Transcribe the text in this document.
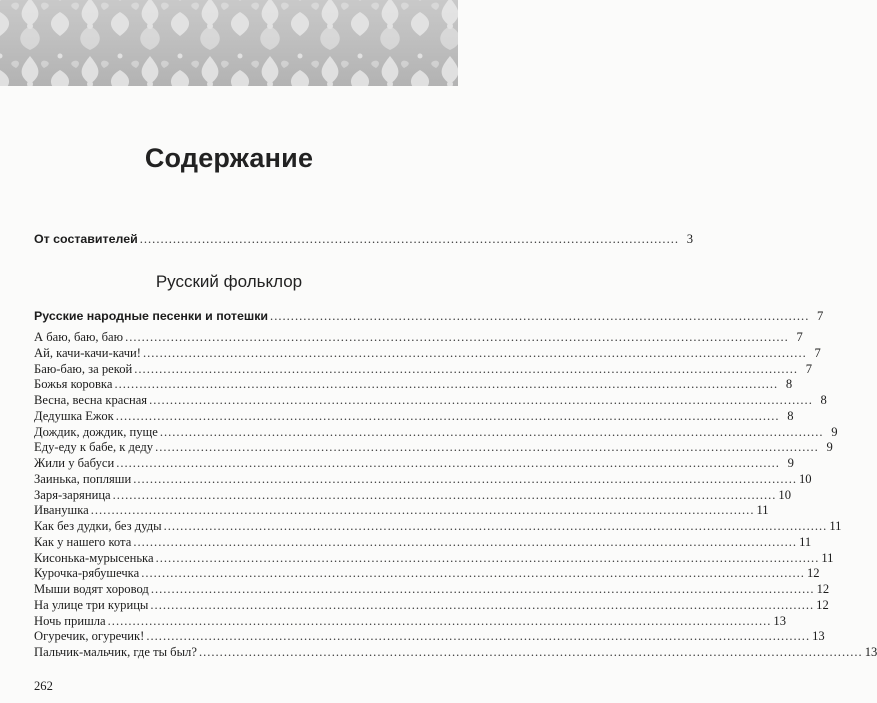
Содержание
От составителей .................................................................................................................................. 3
Русский фольклор
Русские народные песенки и потешки .................................................................................................................................. 7
А баю, баю, баю ................................................................................................................................................................ 7
Ай, качи-качи-качи! ................................................................................................................................................................ 7
Баю-баю, за рекой ................................................................................................................................................................ 7
Божья коровка ................................................................................................................................................................ 8
Весна, весна красная ................................................................................................................................................................ 8
Дедушка Ежок ................................................................................................................................................................ 8
Дождик, дождик, пуще ................................................................................................................................................................ 9
Еду-еду к бабе, к деду ................................................................................................................................................................ 9
Жили у бабуси ................................................................................................................................................................ 9
Заинька, попляши ................................................................................................................................................................ 10
Заря-заряница ................................................................................................................................................................ 10
Иванушка ................................................................................................................................................................ 11
Как без дудки, без дуды ................................................................................................................................................................ 11
Как у нашего кота ................................................................................................................................................................ 11
Кисонька-мурысенька ................................................................................................................................................................ 11
Курочка-рябушечка ................................................................................................................................................................ 12
Мыши водят хоровод ................................................................................................................................................................ 12
На улице три курицы ................................................................................................................................................................ 12
Ночь пришла ................................................................................................................................................................ 13
Огуречик, огуречик! ................................................................................................................................................................ 13
Пальчик-мальчик, где ты был? ................................................................................................................................................................ 13
262
